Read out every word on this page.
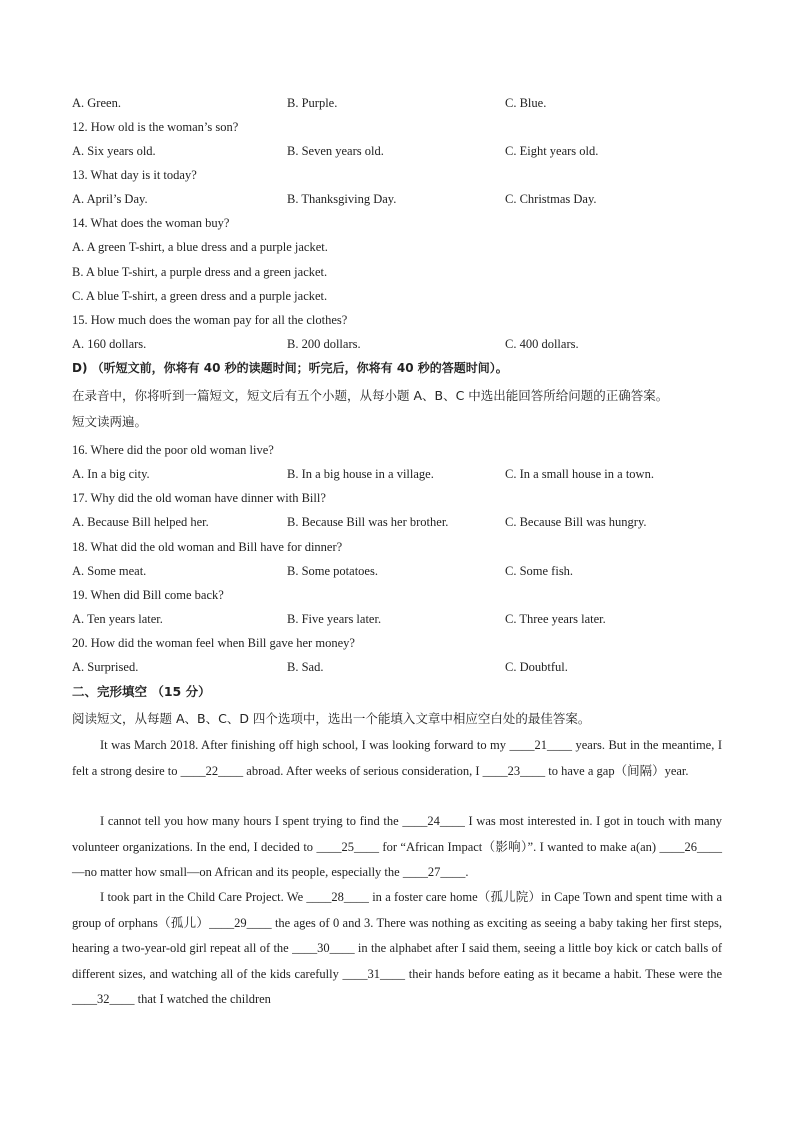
A. Green.	B. Purple.	C. Blue.
12. How old is the woman’s son?
A. Six years old.	B. Seven years old.	C. Eight years old.
13. What day is it today?
A. April’s Day.	B. Thanksgiving Day.	C. Christmas Day.
14. What does the woman buy?
A. A green T-shirt, a blue dress and a purple jacket.
B. A blue T-shirt, a purple dress and a green jacket.
C. A blue T-shirt, a green dress and a purple jacket.
15. How much does the woman pay for all the clothes?
A. 160 dollars.	B. 200 dollars.	C. 400 dollars.
D) （听短文前，你将有 40 秒的读题时间；听完后，你将有 40 秒的答题时间）。
在录音中，你将听到一篇短文，短文后有五个小题，从每小题 A、B、C 中选出能回答所给问题的正确答案。
短文读两遍。
16. Where did the poor old woman live?
A. In a big city.	B. In a big house in a village.	C. In a small house in a town.
17. Why did the old woman have dinner with Bill?
A. Because Bill helped her.	B. Because Bill was her brother.	C. Because Bill was hungry.
18. What did the old woman and Bill have for dinner?
A. Some meat.	B. Some potatoes.	C. Some fish.
19. When did Bill come back?
A. Ten years later.	B. Five years later.	C. Three years later.
20. How did the woman feel when Bill gave her money?
A. Surprised.	B. Sad.	C. Doubtful.
二、完形填空 （15 分）
阅读短文，从每题 A、B、C、D 四个选项中，选出一个能填入文章中相应空白处的最佳答案。
It was March 2018. After finishing off high school, I was looking forward to my ____21____ years. But in the meantime, I felt a strong desire to ____22____ abroad. After weeks of serious consideration, I ____23____ to have a gap（间隔）year.
I cannot tell you how many hours I spent trying to find the ____24____ I was most interested in. I got in touch with many volunteer organizations. In the end, I decided to ____25____ for “African Impact（影响）”. I wanted to make a(an) ____26____—no matter how small—on African and its people, especially the ____27____.
I took part in the Child Care Project. We ____28____ in a foster care home（孤儿院）in Cape Town and spent time with a group of orphans（孤儿）____29____ the ages of 0 and 3. There was nothing as exciting as seeing a baby taking her first steps, hearing a two-year-old girl repeat all of the ____30____ in the alphabet after I said them, seeing a little boy kick or catch balls of different sizes, and watching all of the kids carefully ____31____ their hands before eating as it became a habit. These were the ____32____ that I watched the children
